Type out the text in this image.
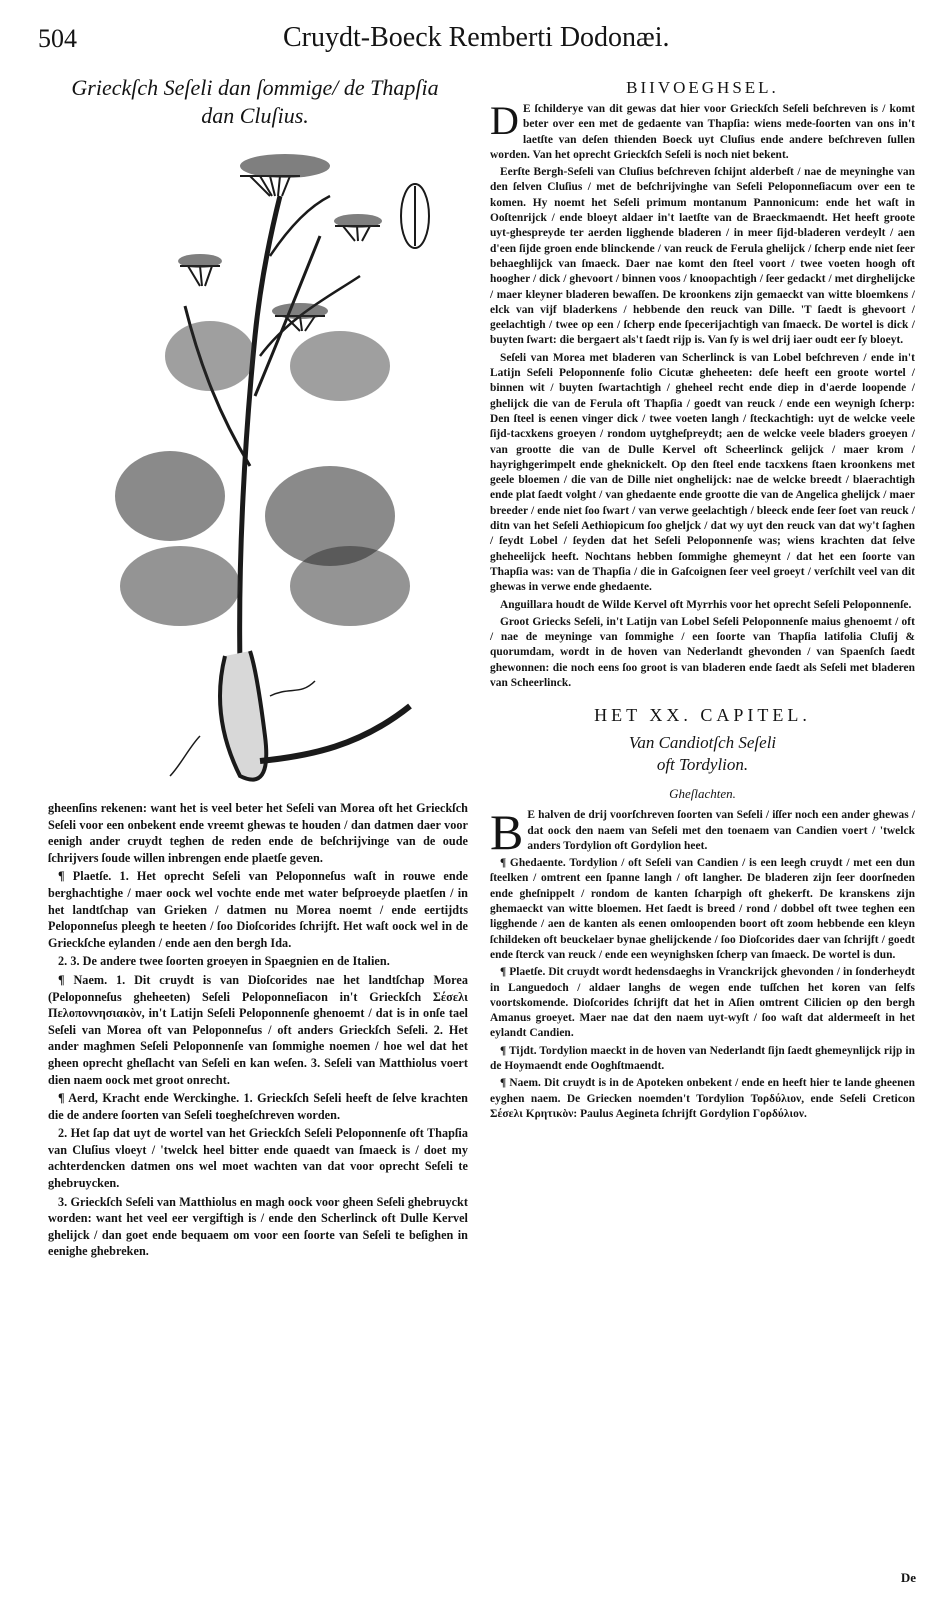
504	Cruydt-Boeck Remberti Dodonæi.
Grieckſch Seſeli dan ſommige/ de Thapſia
dan Cluſius.

gheenſins rekenen: want het is veel beter het Seſeli van Morea oft het Grieckſch Seſeli voor een onbekent ende vreemt ghewas te houden / dan datmen daer voor eenigh ander cruydt teghen de reden ende de beſchrijvinge van de oude ſchrijvers ſoude willen inbrengen ende plaetſe geven.

¶ Plaetſe. 1. Het oprecht Seſeli van Peloponneſus waſt in rouwe ende berghachtighe / maer oock wel vochte ende met water beſproeyde plaetſen / in het landtſchap van Grieken / datmen nu Morea noemt / ende eertijdts Peloponneſus pleegh te heeten / ſoo Dioſcorides ſchrijft. Het waſt oock wel in de Grieckſche eylanden / ende aen den bergh Ida.

2. 3. De andere twee ſoorten groeyen in Spaegnien en de Italien.

¶ Naem. 1. Dit cruydt is van Dioſcorides nae het landtſchap Morea (Peloponneſus gheheeten) Seſeli Peloponneſiacon in't Grieckſch Σέσελι Πελοποννησιακὸν, in't Latijn Seſeli Peloponnenſe ghenoemt / dat is in onſe tael Seſeli van Morea oft van Peloponneſus / oft anders Grieckſch Seſeli. 2. Het ander magħmen Seſeli Peloponnenſe van ſommighe noemen / hoe wel dat het gheen oprecht gheſlacht van Seſeli en kan weſen. 3. Seſeli van Matthiolus voert dien naem oock met groot onrecht.

¶ Aerd, Kracht ende Werckinghe. 1. Grieckſch Seſeli heeft de ſelve krachten die de andere ſoorten van Seſeli toegheſchreven worden.

2. Het ſap dat uyt de wortel van het Grieckſch Seſeli Peloponnenſe oft Thapſia van Cluſius vloeyt / 'twelck heel bitter ende quaedt van ſmaeck is / doet my achterdencken datmen ons wel moet wachten van dat voor oprecht Seſeli te ghebruycken.

3. Grieckſch Seſeli van Matthiolus en magh oock voor gheen Seſeli ghebruyckt worden: want het veel eer vergiftigh is / ende den Scherlinck oft Dulle Kervel ghelijck / dan goet ende bequaem om voor een ſoorte van Seſeli te beſighen in eenighe ghebreken.

BIIVOEGHSEL.

D E ſchilderye van dit gewas dat hier voor Grieckſch Seſeli beſchreven is / komt beter over een met de gedaente van Thapſia: wiens mede-ſoorten van ons in't laetſte van deſen thienden Boeck uyt Cluſius ende andere beſchreven ſullen worden. Van het oprecht Grieckſch Seſeli is noch niet bekent.

Eerſte Bergh-Seſeli van Cluſius beſchreven ſchijnt alderbeſt / nae de meyninghe van den ſelven Cluſius / met de beſchrijvinghe van Seſeli Peloponneſiacum over een te komen. Hy noemt het Seſeli primum montanum Pannonicum: ende het waſt in Ooſtenrijck / ende bloeyt aldaer in't laetſte van de Braeckmaendt. Het heeft groote uyt-ghespreyde ter aerden ligghende bladeren / in meer ſijd-bladeren verdeylt / aen d'een ſijde groen ende blinckende / van reuck de Ferula ghelijck / ſcherp ende niet ſeer behaeghlijck van ſmaeck. Daer nae komt den ſteel voort / twee voeten hoogh oft hoogher / dick / ghevoort / binnen voos / knoopachtigh / ſeer gedackt / met dirghelijcke / maer kleyner bladeren bewaſſen. De kroonkens zijn gemaeckt van witte bloemkens / elck van vijf bladerkens / hebbende den reuck van Dille. 'T ſaedt is ghevoort / geelachtigh / twee op een / ſcherp ende ſpecerijachtigh van ſmaeck. De wortel is dick / buyten ſwart: die bergaert als't ſaedt rijp is. Van ſy is wel drij iaer oudt eer ſy bloeyt.

Seſeli van Morea met bladeren van Scherlinck is van Lobel beſchreven / ende in't Latijn Seſeli Peloponnenſe folio Cicutæ gheheeten: deſe heeft een groote wortel / binnen wit / buyten ſwartachtigh / gheheel recht ende diep in d'aerde loopende / ghelijck die van de Ferula oft Thapſia / goedt van reuck / ende een weynigh ſcherp: Den ſteel is eenen vinger dick / twee voeten langh / ſteckachtigh: uyt de welcke veele ſijd-tacxkens groeyen / rondom uytgheſpreydt; aen de welcke veele bladers groeyen / van grootte die van de Dulle Kervel oft Scheerlinck gelijck / maer krom / hayrighgerimpelt ende gheknickelt. Op den ſteel ende tacxkens ſtaen kroonkens met geele bloemen / die van de Dille niet onghelijck: nae de welcke breedt / blaerachtigh ende plat ſaedt volght / van ghedaente ende grootte die van de Angelica ghelijck / maer breeder / ende niet ſoo ſwart / van verwe geelachtigh / bleeck ende ſeer ſoet van reuck / ditn van het Seſeli Aethiopicum ſoo gheljck / dat wy uyt den reuck van dat wy't ſaghen / ſeydt Lobel / ſeyden dat het Seſeli Peloponnenſe was; wiens krachten dat ſelve gheheelijck heeft. Nochtans hebben ſommighe ghemeynt / dat het een ſoorte van Thapſia was: van de Thapſia / die in Gaſcoignen ſeer veel groeyt / verſchilt veel van dit ghewas in verwe ende ghedaente.

Anguillara houdt de Wilde Kervel oft Myrrhis voor het oprecht Seſeli Peloponnenſe.

Groot Griecks Seſeli, in't Latijn van Lobel Seſeli Peloponnenſe maius ghenoemt / oft / nae de meyninge van ſommighe / een ſoorte van Thapſia latifolia Cluſij & quorumdam, wordt in de hoven van Nederlandt ghevonden / van Spaenſch ſaedt ghewonnen: die noch eens ſoo groot is van bladeren ende ſaedt als Seſeli met bladeren van Scheerlinck.

HET XX. CAPITEL.
Van Candiotſch Seſeli
oft Tordylion.
Gheſlachten.

B E halven de drij voorſchreven ſoorten van Seſeli / iſſer noch een ander ghewas / dat oock den naem van Seſeli met den toenaem van Candien voert / 'twelck anders Tordylion oft Gordylion heet.

¶ Ghedaente. Tordylion / oft Seſeli van Candien / is een leegh cruydt / met een dun ſteelken / omtrent een ſpanne langh / oft langher. De bladeren zijn ſeer doorſneden ende gheſnippelt / rondom de kanten ſcharpigh oft ghekerft. De kranskens zijn ghemaeckt van witte bloemen. Het ſaedt is breed / rond / dobbel oft twee teghen een ligghende / aen de kanten als eenen omloopenden boort oft zoom hebbende een kleyn ſchildeken oft beuckelaer bynae ghelijckende / ſoo Dioſcorides daer van ſchrijft / goedt ende ſterck van reuck / ende een weynighsken ſcherp van ſmaeck. De wortel is dun.

¶ Plaetſe. Dit cruydt wordt hedensdaeghs in Vranckrijck ghevonden / in ſonderheydt in Languedoch / aldaer langhs de wegen ende tuſſchen het koren van ſelfs voortskomende. Dioſcorides ſchrijft dat het in Aſien omtrent Cilicien op den bergh Amanus groeyet. Maer nae dat den naem uyt-wyſt / ſoo waſt dat aldermeeſt in het eylandt Candien.

¶ Tijdt. Tordylion maeckt in de hoven van Nederlandt ſijn ſaedt ghemeynlijck rijp in de Hoymaendt ende Ooghſtmaendt.

¶ Naem. Dit cruydt is in de Apoteken onbekent / ende en heeft hier te lande gheenen eyghen naem. De Griecken noemden't Tordylion Τορδύλιον, ende Seſeli Creticon Σέσελι Κρητικὸν: Paulus Aegineta ſchrijft Gordylion Γορδύλιον.

De
